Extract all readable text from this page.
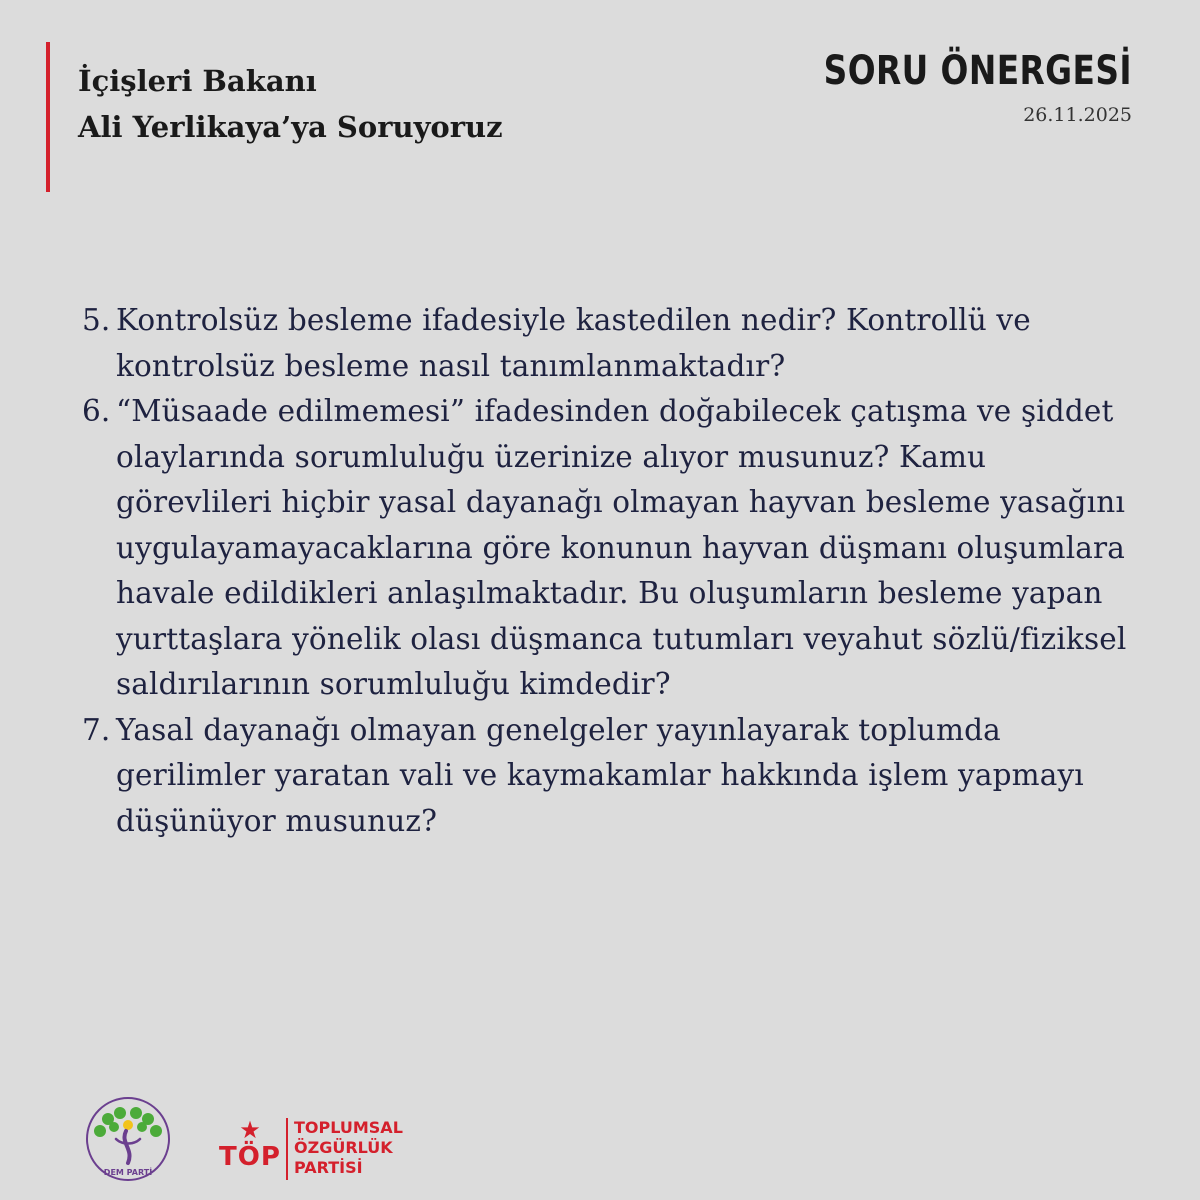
İçişleri Bakanı
Ali Yerlikaya’ya Soruyoruz
SORU ÖNERGESİ
26.11.2025
5. Kontrolsüz besleme ifadesiyle kastedilen nedir? Kontrollü ve kontrolsüz besleme nasıl tanımlanmaktadır?
6. “Müsaade edilmemesi” ifadesinden doğabilecek çatışma ve şiddet olaylarında sorumluluğu üzerinize alıyor musunuz? Kamu görevlileri hiçbir yasal dayanağı olmayan hayvan besleme yasağını uygulayamayacaklarına göre konunun hayvan düşmanı oluşumlara havale edildikleri anlaşılmaktadır. Bu oluşumların besleme yapan yurttaşlara yönelik olası düşmanca tutumları veyahut sözlü/fiziksel saldırılarının sorumluluğu kimdedir?
7. Yasal dayanağı olmayan genelgeler yayınlayarak toplumda gerilimler yaratan vali ve kaymakamlar hakkında işlem yapmayı düşünüyor musunuz?
DEM PARTİ
★
TÖP
TOPLUMSAL
ÖZGÜRLÜK
PARTİSİ
